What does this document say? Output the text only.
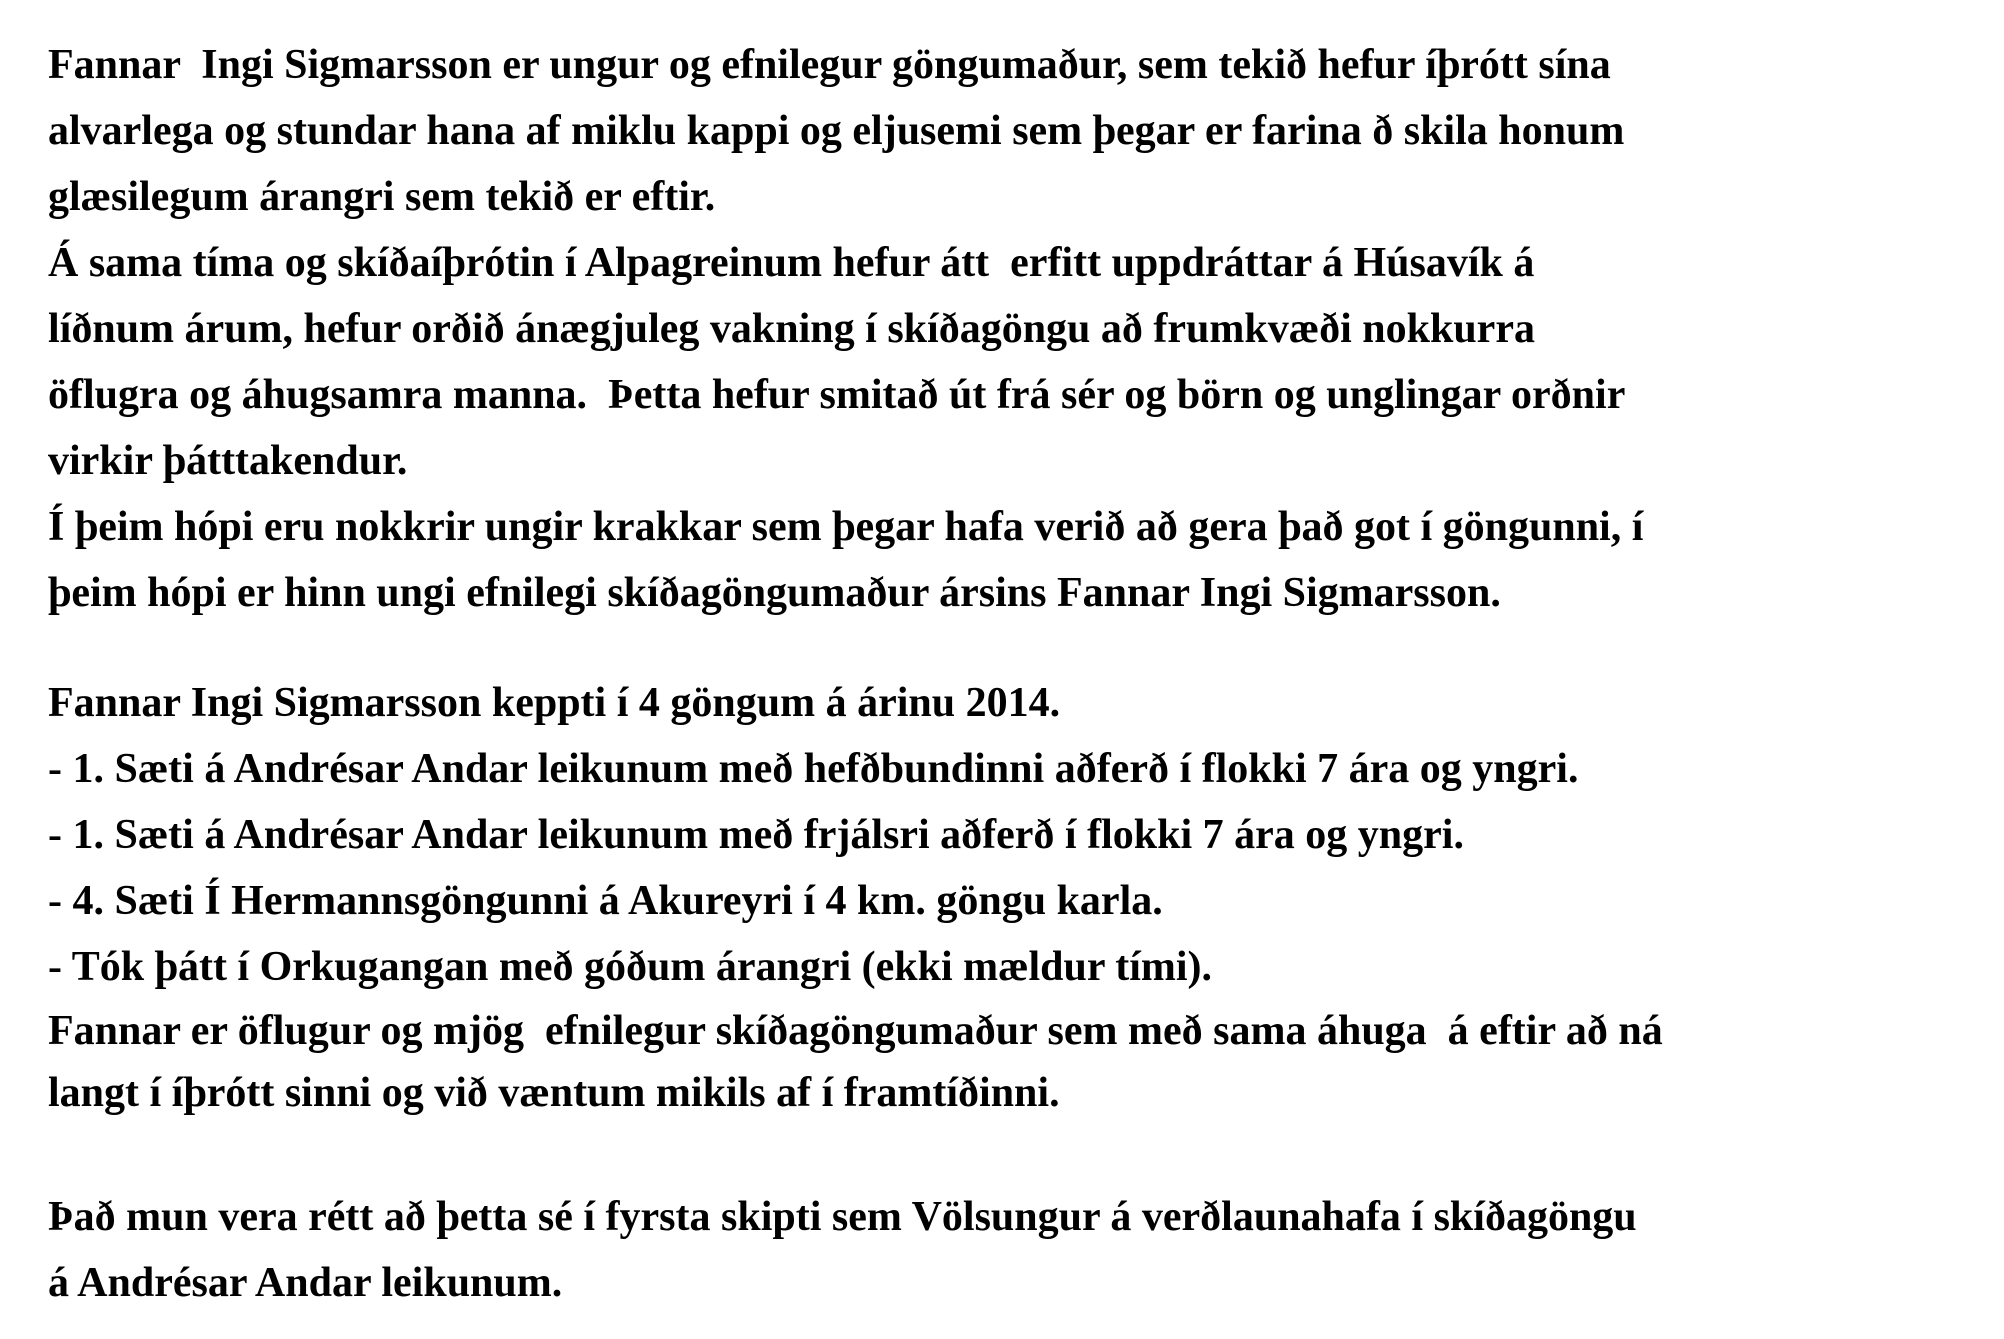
Fannar  Ingi Sigmarsson er ungur og efnilegur göngumaður, sem tekið hefur íþrótt sína

alvarlega og stundar hana af miklu kappi og eljusemi sem þegar er farina ð skila honum

glæsilegum árangri sem tekið er eftir.

Á sama tíma og skíðaíþrótin í Alpagreinum hefur átt  erfitt uppdráttar á Húsavík á

líðnum árum, hefur orðið ánægjuleg vakning í skíðagöngu að frumkvæði nokkurra

öflugra og áhugsamra manna.  Þetta hefur smitað út frá sér og börn og unglingar orðnir

virkir þátttakendur.

Í þeim hópi eru nokkrir ungir krakkar sem þegar hafa verið að gera það got í göngunni, í

þeim hópi er hinn ungi efnilegi skíðagöngumaður ársins Fannar Ingi Sigmarsson.

Fannar Ingi Sigmarsson keppti í 4 göngum á árinu 2014.

- 1. Sæti á Andrésar Andar leikunum með hefðbundinni aðferð í flokki 7 ára og yngri.

- 1. Sæti á Andrésar Andar leikunum með frjálsri aðferð í flokki 7 ára og yngri.

- 4. Sæti Í Hermannsgöngunni á Akureyri í 4 km. göngu karla.

- Tók þátt í Orkugangan með góðum árangri (ekki mældur tími).

Fannar er öflugur og mjög  efnilegur skíðagöngumaður sem með sama áhuga  á eftir að ná

langt í íþrótt sinni og við væntum mikils af í framtíðinni.

Það mun vera rétt að þetta sé í fyrsta skipti sem Völsungur á verðlaunahafa í skíðagöngu

á Andrésar Andar leikunum.
